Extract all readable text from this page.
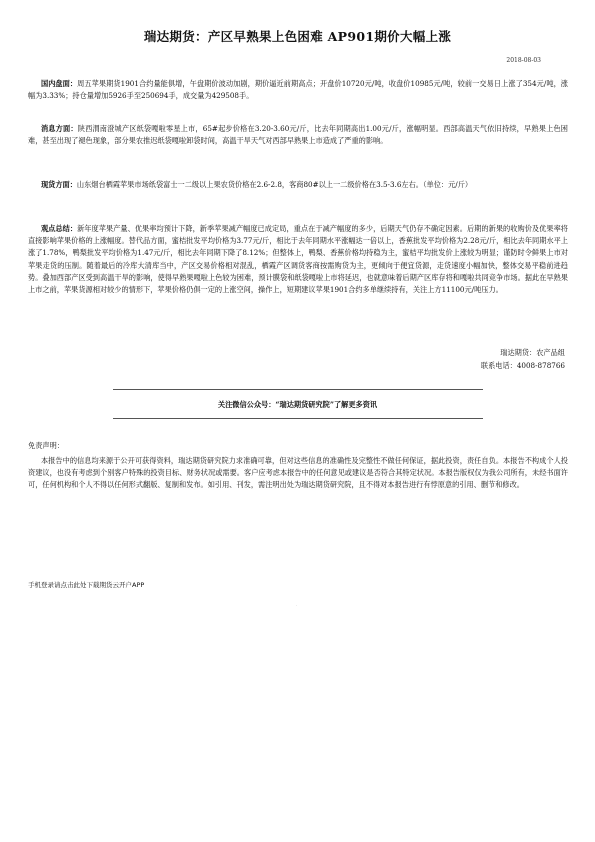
瑞达期货：产区早熟果上色困难 AP901期价大幅上涨
2018-08-03
国内盘面：周五苹果期货1901合约量能俱增，午盘期价波动加剧，期价逼近前期高点；开盘价10720元/吨，收盘价10985元/吨，较前一交易日上涨了354元/吨，涨幅为3.33%；持仓量增加5926手至250694手，成交量为429508手。
消息方面：陕西渭南澄城产区纸袋嘎啦零星上市，65#起步价格在3.20-3.60元/斤，比去年同期高出1.00元/斤，涨幅明显。西部高温天气依旧持续，早熟果上色困难，甚至出现了褪色现象，部分果农推迟纸袋嘎啦卸袋时间，高温干旱天气对西部早熟果上市造成了严重的影响。
现货方面：山东烟台栖霞苹果市场纸袋富士一二级以上果农货价格在2.6-2.8，客商80#以上一二级价格在3.5-3.6左右。（单位：元/斤）
观点总结：新年度苹果产量、优果率均预计下降，新季苹果减产幅度已成定局，重点在于减产幅度的多少，后期天气仍存不确定因素。后期的新果的收购价及优果率将直接影响苹果价格的上涨幅度。替代品方面，蜜桔批发平均价格为3.77元/斤，相比于去年同期水平涨幅达一倍以上，香蕉批发平均价格为2.28元/斤，相比去年同期水平上涨了1.78%，鸭梨批发平均价格为1.47元/斤，相比去年同期下降了8.12%；但整体上，鸭梨、香蕉价格均持稳为主，蜜桔平均批发价上涨较为明显；谨防时令鲜果上市对苹果走货的压制。随着最后的冷库大清库当中，产区交易价格相对混乱，栖霞产区调货客商按需购货为主，更倾向于便宜货源，走货速度小幅加快，整体交易平稳前进趋势。叠加西部产区受到高温干旱的影响，使得早熟果嘎啦上色较为困难，预计膜袋和纸袋嘎啦上市将延迟，也就意味着后期产区库存将和嘎啦共同竞争市场。据此在早熟果上市之前，苹果货源相对较少的情形下，苹果价格仍俱一定的上涨空间，操作上，短期建议苹果1901合约多单继续持有，关注上方11100元/吨压力。
瑞达期货：农产品组
联系电话：4008-878766
关注微信公众号：“瑞达期货研究院”了解更多资讯
免责声明：
本报告中的信息均来源于公开可获得资料，瑞达期货研究院力求准确可靠，但对这些信息的准确性及完整性不做任何保证，据此投资，责任自负。本报告不构成个人投资建议，也没有考虑到个别客户特殊的投资目标、财务状况或需要。客户应考虑本报告中的任何意见或建议是否符合其特定状况。本报告版权仅为我公司所有，未经书面许可，任何机构和个人不得以任何形式翻版、复制和发布。如引用、刊发，需注明出处为瑞达期货研究院，且不得对本报告进行有悖原意的引用、删节和修改。
手机登录请点击此处下载期货云开户APP
·
